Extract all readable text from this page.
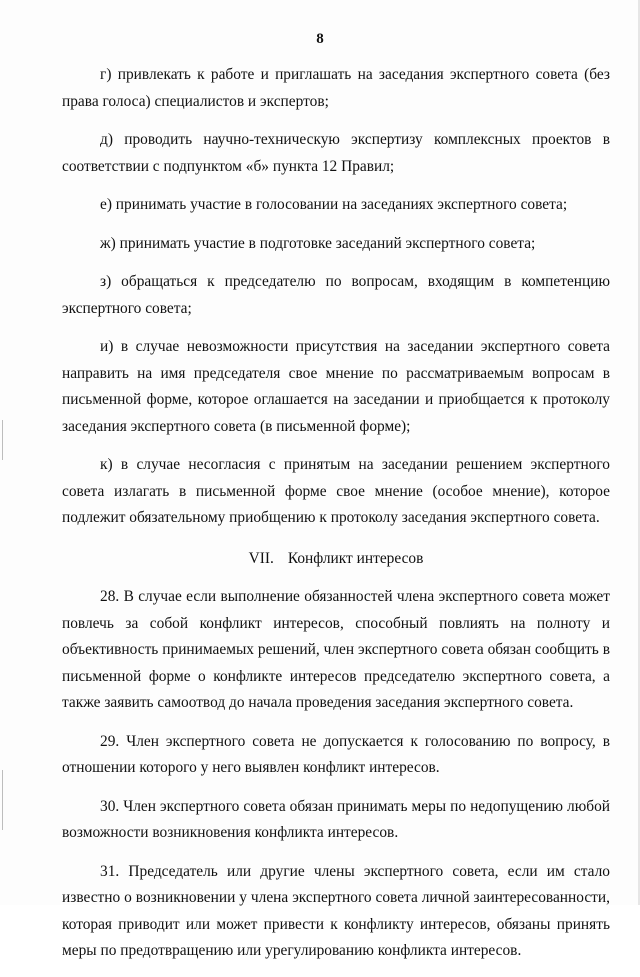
8

г) привлекать к работе и приглашать на заседания экспертного совета (без права голоса) специалистов и экспертов;

д) проводить научно-техническую экспертизу комплексных проектов в соответствии с подпунктом «б» пункта 12 Правил;

е) принимать участие в голосовании на заседаниях экспертного совета;

ж) принимать участие в подготовке заседаний экспертного совета;

з) обращаться к председателю по вопросам, входящим в компетенцию экспертного совета;

и) в случае невозможности присутствия на заседании экспертного совета направить на имя председателя свое мнение по рассматриваемым вопросам в письменной форме, которое оглашается на заседании и приобщается к протоколу заседания экспертного совета (в письменной форме);

к) в случае несогласия с принятым на заседании решением экспертного совета излагать в письменной форме свое мнение (особое мнение), которое подлежит обязательному приобщению к протоколу заседания экспертного совета.

VII. Конфликт интересов

28. В случае если выполнение обязанностей члена экспертного совета может повлечь за собой конфликт интересов, способный повлиять на полноту и объективность принимаемых решений, член экспертного совета обязан сообщить в письменной форме о конфликте интересов председателю экспертного совета, а также заявить самоотвод до начала проведения заседания экспертного совета.

29. Член экспертного совета не допускается к голосованию по вопросу, в отношении которого у него выявлен конфликт интересов.

30. Член экспертного совета обязан принимать меры по недопущению любой возможности возникновения конфликта интересов.

31. Председатель или другие члены экспертного совета, если им стало известно о возникновении у члена экспертного совета личной заинтересованности, которая приводит или может привести к конфликту интересов, обязаны принять меры по предотвращению или урегулированию конфликта интересов.
